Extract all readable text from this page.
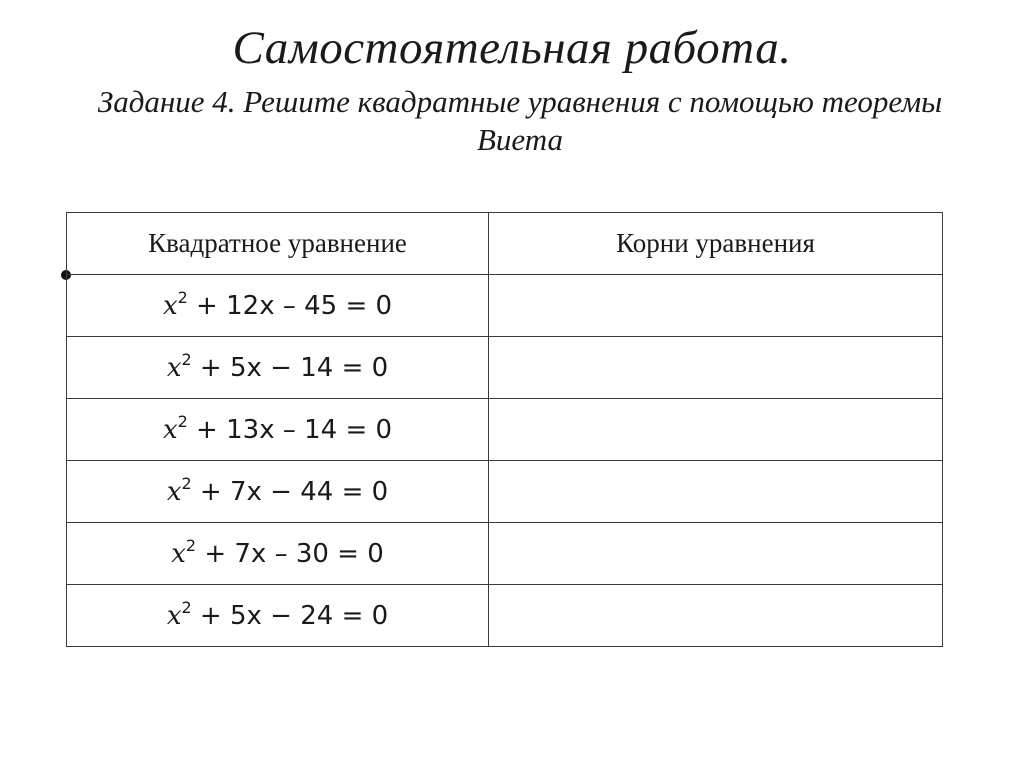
Самостоятельная работа.
Задание 4. Решите квадратные уравнения с помощью теоремы Виета
Квадратное уравнение	Корни уравнения
$x^2 + 12x - 45 = 0$	
$x^2 + 5x - 14 = 0$	
$x^2 + 13x - 14 = 0$	
$x^2 + 7x - 44 = 0$	
$x^2 + 7x - 30 = 0$	
$x^2 + 5x - 24 = 0$	
